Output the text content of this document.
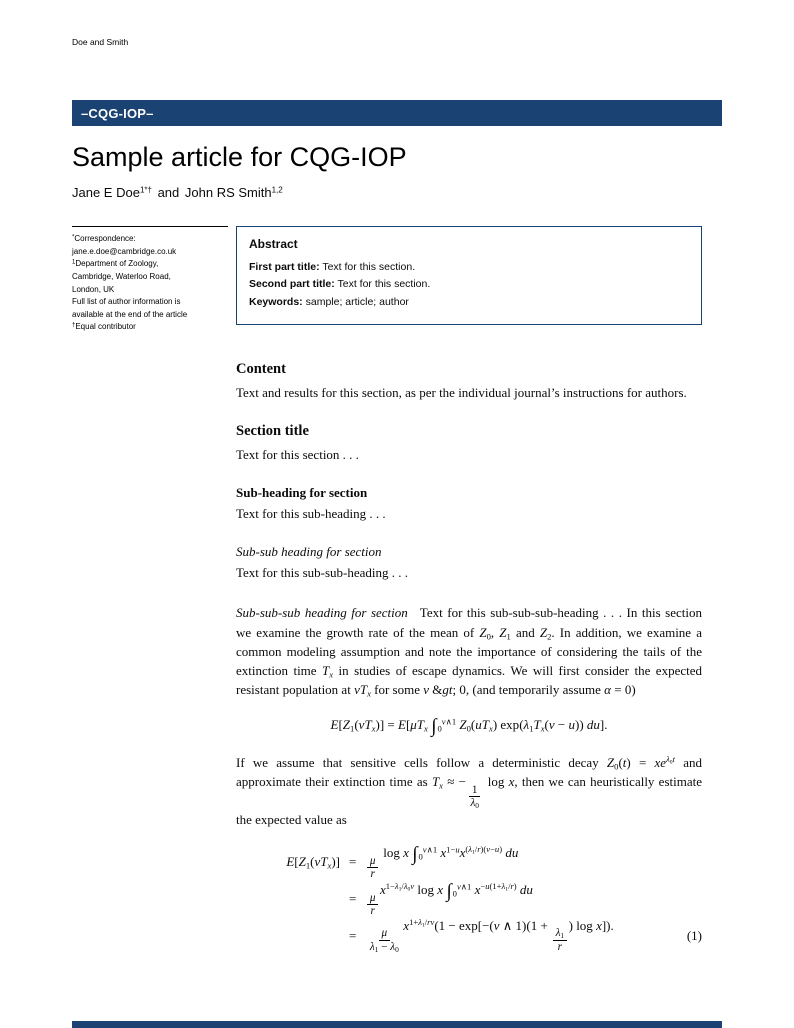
Doe and Smith
–CQG-IOP–
Sample article for CQG-IOP
Jane E Doe$^{1*\dagger}$ and John RS Smith$^{1,2}$
*Correspondence:
jane.e.doe@cambridge.co.uk
$^1$Department of Zoology,
Cambridge, Waterloo Road,
London, UK
Full list of author information is
available at the end of the article
†Equal contributor
Abstract
First part title: Text for this section.
Second part title: Text for this section.
Keywords: sample; article; author
Content

Text and results for this section, as per the individual journal’s instructions for authors.

Section title

Text for this section . . .

Sub-heading for section

Text for this sub-heading . . .

Sub-sub heading for section

Text for this sub-sub-heading . . .

Sub-sub-sub heading for section Text for this sub-sub-sub-heading . . . In this section we examine the growth rate of the mean of $Z_0$, $Z_1$ and $Z_2$. In addition, we examine a common modeling assumption and note the importance of considering the tails of the extinction time $T_x$ in studies of escape dynamics. We will first consider the expected resistant population at $vT_x$ for some v &gt; 0, (and temporarily assume α = 0)

$E[Z_1(vT_x)] = E[\mu T_x$ $\int_0^{v\wedge 1}$ $Z_0(uT_x) \exp(\lambda_1T_x(v - u))$ du].

If we assume that sensitive cells follow a deterministic decay $Z_0(t) = xe^{\lambda_0t}$ and approximate their extinction time as $T_x$ ≈ −
$\frac{1}{\lambda_0}$
log x, then we can heuristically estimate the expected value as

$E[Z_1(vT_x)] = \frac{\mu}{r}$
log x $\int_0^{v\wedge 1}$ $x^{1-u}x^{(\lambda_1/r)(v-u)}$ du
= $\frac{\mu}{r}$
$x^{1-\lambda_1/\lambda_0v}$ log x $\int_0^{v\wedge 1}$ $x^{-u(1+\lambda_1/r)}$ du
= $\frac{\mu}{\lambda_1 - \lambda_0}$
$x^{1+\lambda_1/rv}(1 - \exp[-(v$ ∧ 1)(1 +
$\frac{\lambda_1}{r}$
) log x]).
(1)
